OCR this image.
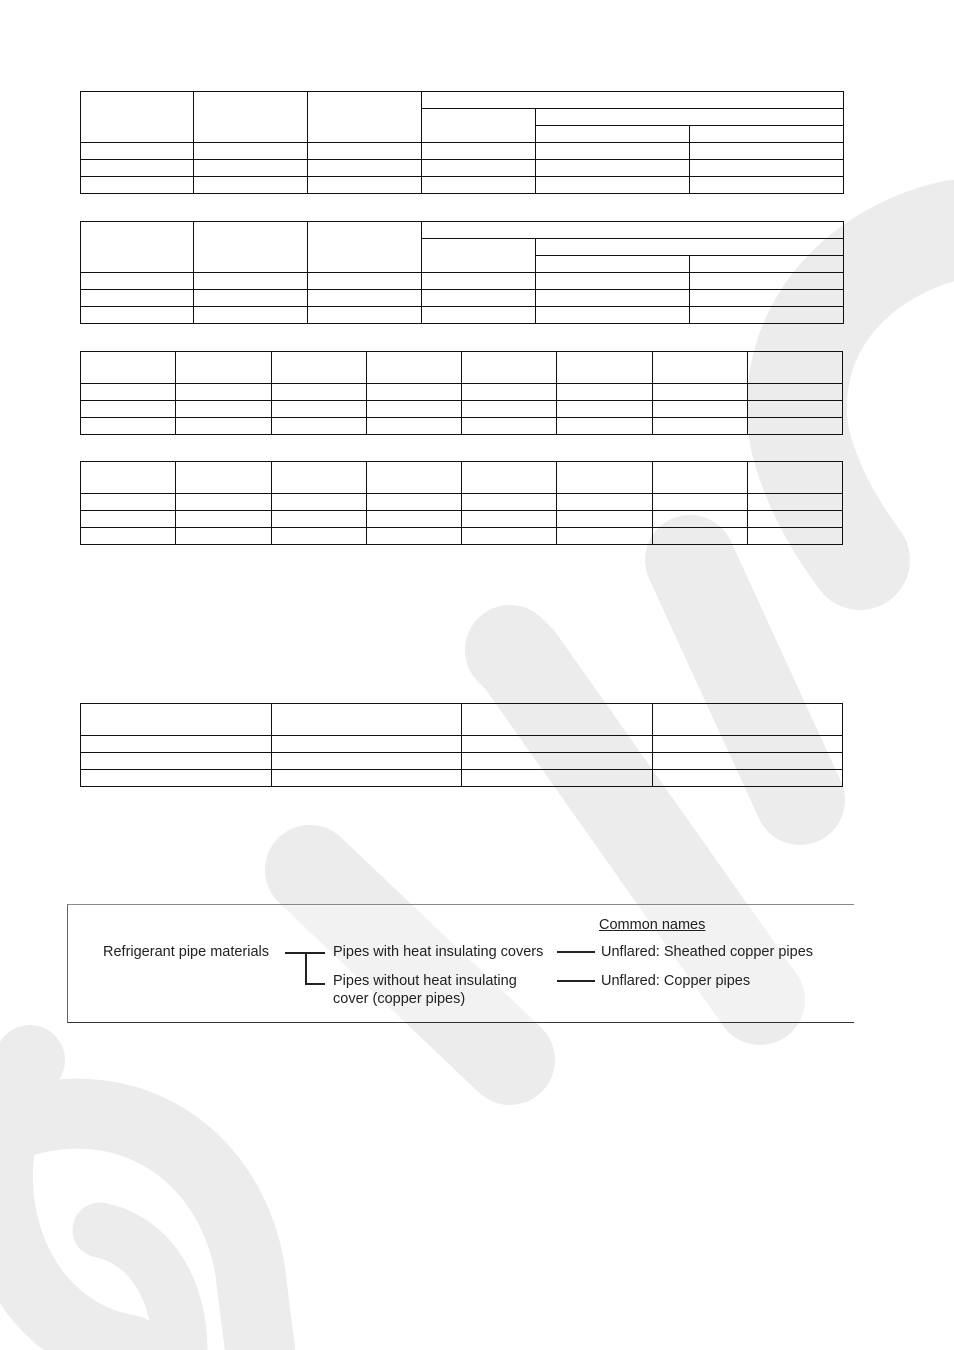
Common names
Refrigerant pipe materials	Pipes with heat insulating covers
Pipes without heat insulating
cover (copper pipes)
Unflared: Sheathed copper pipes
Unflared: Copper pipes
